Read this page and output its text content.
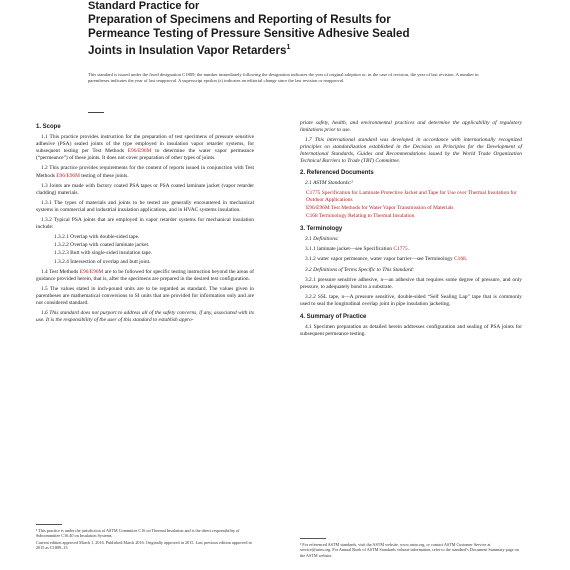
Standard Practice for
Preparation of Specimens and Reporting of Results for
Permeance Testing of Pressure Sensitive Adhesive Sealed
Joints in Insulation Vapor Retarders$^1$
This standard is issued under the fixed designation C1809; the number immediately following the designation indicates the year of original adoption or, in the case of revision, the year of last revision. A number in parentheses indicates the year of last reapproval. A superscript epsilon (ε) indicates an editorial change since the last revision or reapproval.
1. Scope

1.1 This practice provides instruction for the preparation of test specimens of pressure sensitive adhesive (PSA) sealed joints of the type employed in insulation vapor retarder systems, for subsequent testing per Test Methods E96/E96M to determine the water vapor permeance (“permeance”) of these joints. It does not cover preparation of other types of joints.

1.2 This practice provides requirements for the content of reports issued in conjunction with Test Methods E96/E96M testing of these joints.

1.3 Joints are made with factory coated PSA tapes or PSA coated laminate jacket (vapor retarder cladding) materials.

1.3.1 The types of materials and joints to be tested are generally encountered in mechanical systems in commercial and industrial insulation applications, and in HVAC systems insulation.

1.3.2 Typical PSA joints that are employed in vapor retarder systems for mechanical insulation include:

1.3.2.1 Overlap with double-sided tape.

1.3.2.2 Overlap with coated laminate jacket.

1.3.2.3 Butt with single-sided insulation tape.

1.3.2.4 Intersection of overlap and butt joint.

1.4 Test Methods E96/E96M are to be followed for specific testing instruction beyond the areas of guidance provided herein, that is, after the specimens are prepared in the desired test configuration.

1.5 The values stated in inch-pound units are to be regarded as standard. The values given in parentheses are mathematical conversions to SI units that are provided for information only and are not considered standard.

1.6 This standard does not purport to address all of the safety concerns, if any, associated with its use. It is the responsibility of the user of this standard to establish appro-

¹ This practice is under the jurisdiction of ASTM Committee C16 on Thermal Insulation and is the direct responsibility of Subcommittee C16.40 on Insulation Systems.
Current edition approved March 1, 2016. Published March 2016. Originally approved in 2015. Last previous edition approved in 2015 as C1809–15.

priate safety, health, and environmental practices and determine the applicability of regulatory limitations prior to use.

1.7 This international standard was developed in accordance with internationally recognized principles on standardization established in the Decision on Principles for the Development of International Standards, Guides and Recommendations issued by the World Trade Organization Technical Barriers to Trade (TBT) Committee.

2. Referenced Documents

2.1 ASTM Standards:²

C1775 Specification for Laminate Protective Jacket and Tape for Use over Thermal Insulation for Outdoor Applications

E96/E96M Test Methods for Water Vapor Transmission of Materials

C168 Terminology Relating to Thermal Insulation

3. Terminology

3.1 Definitions:

3.1.1 laminate jacket—see Specification C1775.

3.1.2 water vapor permeance, water vapor barrier—see Terminology C168.

3.2 Definitions of Terms Specific to This Standard:

3.2.1 pressure sensitive adhesive, n—an adhesive that requires some degree of pressure, and only pressure, to adequately bond to a substrate.

3.2.2 SSL tape, n—A pressure sensitive, double-sided “Self Sealing Lap” tape that is commonly used to seal the longitudinal overlap joint in pipe insulation jacketing.

4. Summary of Practice

4.1 Specimen preparation as detailed herein addresses configuration and sealing of PSA joints for subsequent permeance testing.

² For referenced ASTM standards, visit the ASTM website, www.astm.org, or contact ASTM Customer Service at service@astm.org. For Annual Book of ASTM Standards volume information, refer to the standard’s Document Summary page on the ASTM website.
